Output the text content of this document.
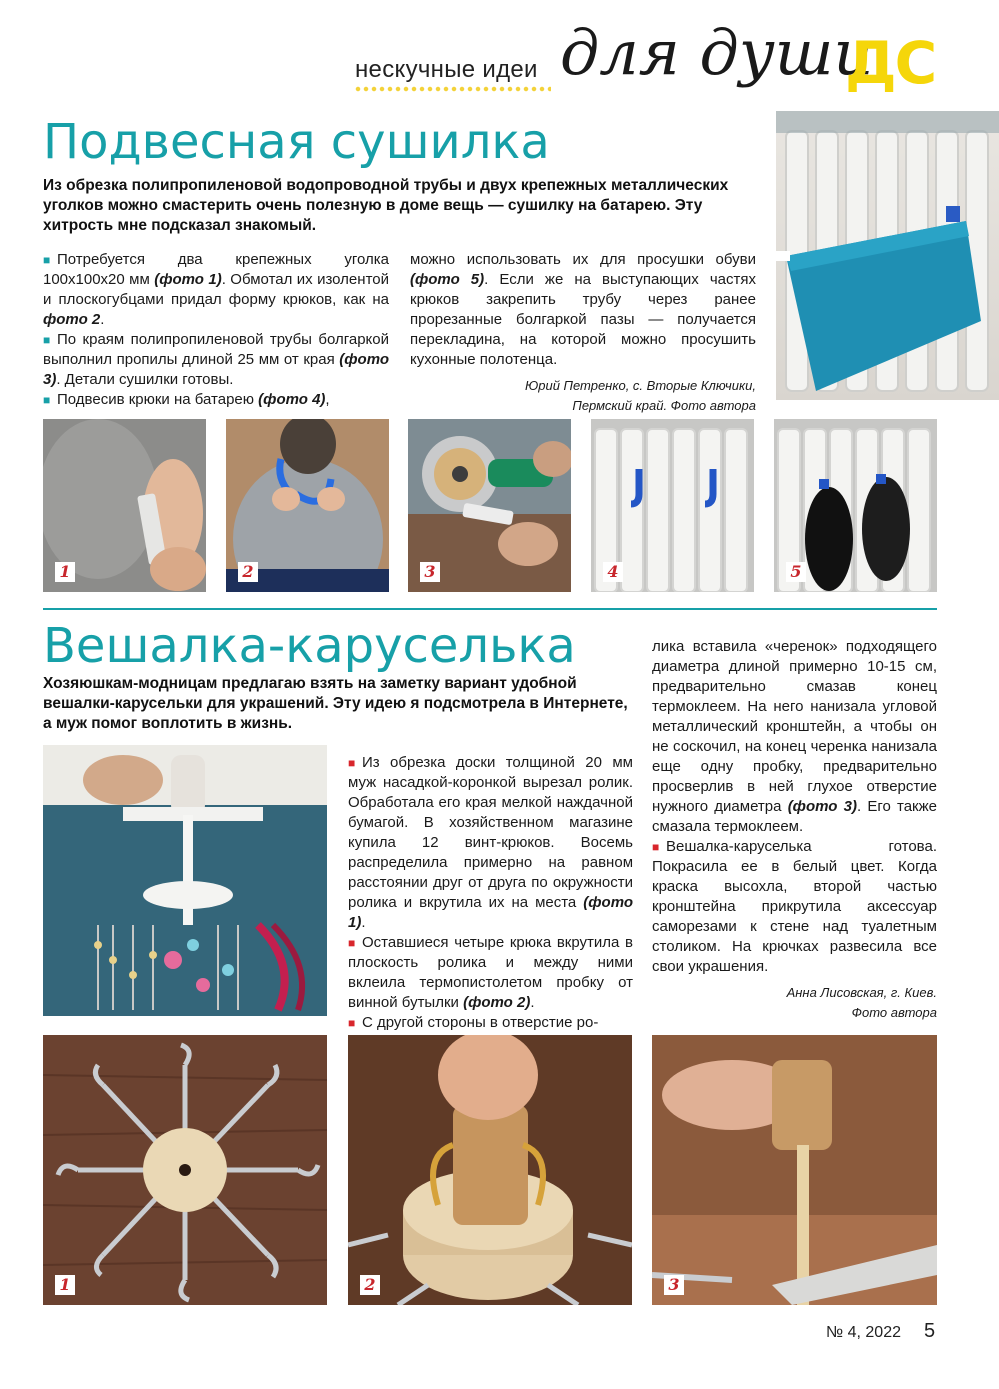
нескучные идеи для души
ДС
Подвесная сушилка
Из обрезка полипропиленовой водопроводной трубы и двух крепежных металлических уголков можно смастерить очень полезную в доме вещь — сушилку на батарею. Эту хитрость мне подсказал знакомый.

■ Потребуется два крепежных уголка 100х100х20 мм (фото 1). Обмотал их изолентой и плоскогубцами придал форму крюков, как на фото 2.

■ По краям полипропиленовой трубы болгаркой выполнил пропилы длиной 25 мм от края (фото 3). Детали сушилки готовы.

■ Подвесив крюки на батарею (фото 4),

можно использовать их для просушки обуви (фото 5). Если же на выступающих частях крюков закрепить трубу через ранее прорезанные болгаркой пазы — получается перекладина, на которой можно просушить кухонные полотенца.

Юрий Петренко, с. Вторые Ключики,
Пермский край. Фото автора
1	2	3	4	5
Вешалка-каруселька
Хозяюшкам-модницам предлагаю взять на заметку вариант удобной вешалки-карусельки для украшений. Эту идею я подсмотрела в Интернете, а муж помог воплотить в жизнь.

■ Из обрезка доски толщиной 20 мм муж насадкой-коронкой вырезал ролик. Обработала его края мелкой наждачной бумагой. В хозяйственном магазине купила 12 винт-крюков. Восемь распределила примерно на равном расстоянии друг от друга по окружности ролика и вкрутила их на места (фото 1).

■ Оставшиеся четыре крюка вкрутила в плоскость ролика и между ними вклеила термопистолетом пробку от винной бутылки (фото 2).

■ С другой стороны в отверстие ро-

лика вставила «черенок» подходящего диаметра длиной примерно 10-15 см, предварительно смазав конец термоклеем. На него нанизала угловой металлический кронштейн, а чтобы он не соскочил, на конец черенка нанизала еще одну пробку, предварительно просверлив в ней глухое отверстие нужного диаметра (фото 3). Его также смазала термоклеем.

■ Вешалка-каруселька готова. Покрасила ее в белый цвет. Когда краска высохла, второй частью кронштейна прикрутила аксессуар саморезами к стене над туалетным столиком. На крючках развесила все свои украшения.

Анна Лисовская, г. Киев.
Фото автора
1	2	3
№ 4, 2022 5
